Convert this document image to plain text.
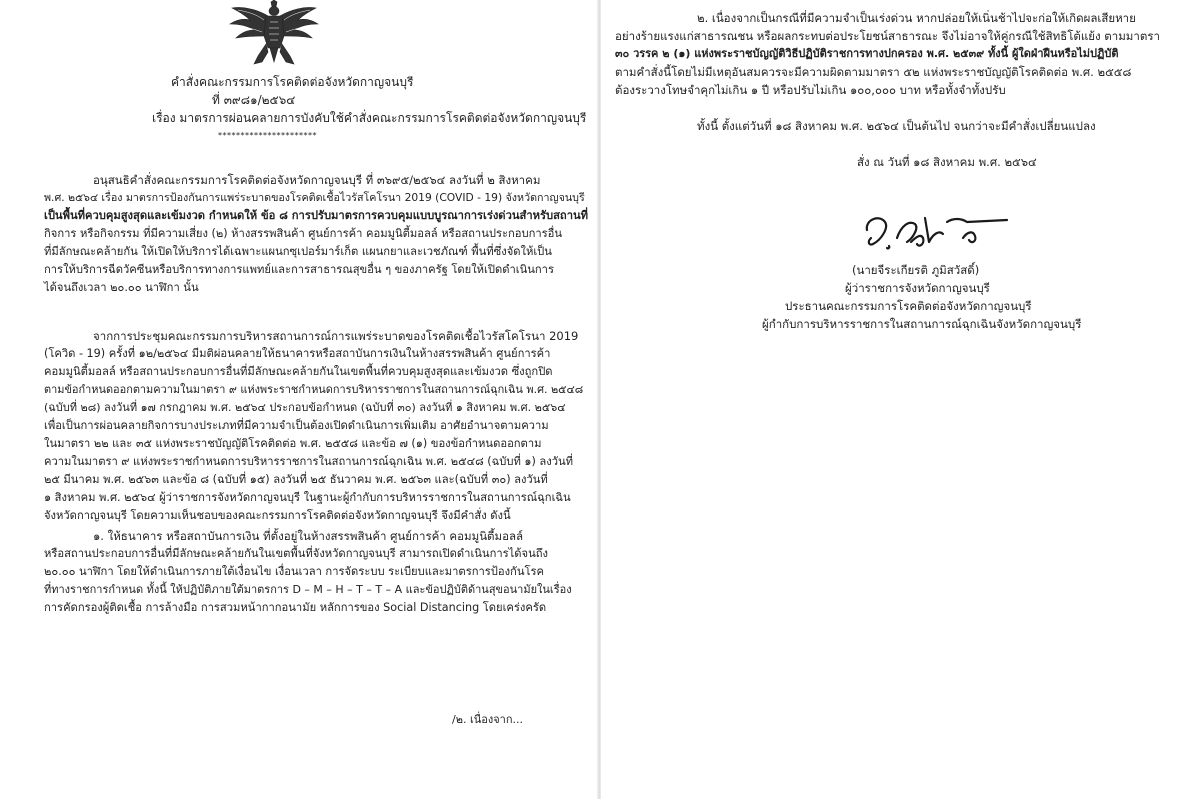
คำสั่งคณะกรรมการโรคติดต่อจังหวัดกาญจนบุรี
ที่ ๓๙๘๑/๒๕๖๔
เรื่อง มาตรการผ่อนคลายการบังคับใช้คำสั่งคณะกรรมการโรคติดต่อจังหวัดกาญจนบุรี
**********************
อนุสนธิคำสั่งคณะกรรมการโรคติดต่อจังหวัดกาญจนบุรี ที่ ๓๖๙๕/๒๕๖๔ ลงวันที่ ๒ สิงหาคม
พ.ศ. ๒๕๖๔ เรื่อง มาตรการป้องกันการแพร่ระบาดของโรคติดเชื้อไวรัสโคโรนา 2019 (COVID - 19) จังหวัดกาญจนบุรี
เป็นพื้นที่ควบคุมสูงสุดและเข้มงวด กำหนดให้ ข้อ ๘ การปรับมาตรการควบคุมแบบบูรณาการเร่งด่วนสำหรับสถานที่
กิจการ หรือกิจกรรม ที่มีความเสี่ยง (๒) ห้างสรรพสินค้า ศูนย์การค้า คอมมูนิตี้มอลล์ หรือสถานประกอบการอื่น
ที่มีลักษณะคล้ายกัน ให้เปิดให้บริการได้เฉพาะแผนกซุเปอร์มาร์เก็ต แผนกยาและเวชภัณฑ์ พื้นที่ซึ่งจัดให้เป็น
การให้บริการฉีดวัคซีนหรือบริการทางการแพทย์และการสาธารณสุขอื่น ๆ ของภาครัฐ โดยให้เปิดดำเนินการ
ได้จนถึงเวลา ๒๐.๐๐ นาฬิกา นั้น
จากการประชุมคณะกรรมการบริหารสถานการณ์การแพร่ระบาดของโรคติดเชื้อไวรัสโคโรนา 2019
(โควิด - 19) ครั้งที่ ๑๒/๒๕๖๔ มีมติผ่อนคลายให้ธนาคารหรือสถาบันการเงินในห้างสรรพสินค้า ศูนย์การค้า
คอมมูนิตี้มอลล์ หรือสถานประกอบการอื่นที่มีลักษณะคล้ายกันในเขตพื้นที่ควบคุมสูงสุดและเข้มงวด ซึ่งถูกปิด
ตามข้อกำหนดออกตามความในมาตรา ๙ แห่งพระราชกำหนดการบริหารราชการในสถานการณ์ฉุกเฉิน พ.ศ. ๒๕๔๘
(ฉบับที่ ๒๘) ลงวันที่ ๑๗ กรกฎาคม พ.ศ. ๒๕๖๔ ประกอบข้อกำหนด (ฉบับที่ ๓๐) ลงวันที่ ๑ สิงหาคม พ.ศ. ๒๕๖๔
เพื่อเป็นการผ่อนคลายกิจการบางประเภทที่มีความจำเป็นต้องเปิดดำเนินการเพิ่มเติม อาศัยอำนาจตามความ
ในมาตรา ๒๒ และ ๓๕ แห่งพระราชบัญญัติโรคติดต่อ พ.ศ. ๒๕๕๘ และข้อ ๗ (๑) ของข้อกำหนดออกตาม
ความในมาตรา ๙ แห่งพระราชกำหนดการบริหารราชการในสถานการณ์ฉุกเฉิน พ.ศ. ๒๕๔๘ (ฉบับที่ ๑) ลงวันที่
๒๕ มีนาคม พ.ศ. ๒๕๖๓ และข้อ ๘ (ฉบับที่ ๑๕) ลงวันที่ ๒๕ ธันวาคม พ.ศ. ๒๕๖๓ และ(ฉบับที่ ๓๐) ลงวันที่
๑ สิงหาคม พ.ศ. ๒๕๖๔ ผู้ว่าราชการจังหวัดกาญจนบุรี ในฐานะผู้กำกับการบริหารราชการในสถานการณ์ฉุกเฉิน
จังหวัดกาญจนบุรี โดยความเห็นชอบของคณะกรรมการโรคติดต่อจังหวัดกาญจนบุรี จึงมีคำสั่ง ดังนี้
๑. ให้ธนาคาร หรือสถาบันการเงิน ที่ตั้งอยู่ในห้างสรรพสินค้า ศูนย์การค้า คอมมูนิตี้มอลล์
หรือสถานประกอบการอื่นที่มีลักษณะคล้ายกันในเขตพื้นที่จังหวัดกาญจนบุรี สามารถเปิดดำเนินการได้จนถึง
๒๐.๐๐ นาฬิกา โดยให้ดำเนินการภายใต้เงื่อนไข เงื่อนเวลา การจัดระบบ ระเบียบและมาตรการป้องกันโรค
ที่ทางราชการกำหนด ทั้งนี้ ให้ปฏิบัติภายใต้มาตรการ D – M – H – T – T – A และข้อปฏิบัติด้านสุขอนามัยในเรื่อง
การคัดกรองผู้ติดเชื้อ การล้างมือ การสวมหน้ากากอนามัย หลักการของ Social Distancing โดยเคร่งครัด
/๒. เนื่องจาก...
๒. เนื่องจากเป็นกรณีที่มีความจำเป็นเร่งด่วน หากปล่อยให้เนิ่นช้าไปจะก่อให้เกิดผลเสียหาย
อย่างร้ายแรงแก่สาธารณชน หรือผลกระทบต่อประโยชน์สาธารณะ จึงไม่อาจให้คู่กรณีใช้สิทธิโต้แย้ง ตามมาตรา
๓๐ วรรค ๒ (๑) แห่งพระราชบัญญัติวิธีปฏิบัติราชการทางปกครอง พ.ศ. ๒๕๓๙ ทั้งนี้ ผู้ใดฝ่าฝืนหรือไม่ปฏิบัติ
ตามคำสั่งนี้โดยไม่มีเหตุอันสมควรจะมีความผิดตามมาตรา ๕๒ แห่งพระราชบัญญัติโรคติดต่อ พ.ศ. ๒๕๕๘
ต้องระวางโทษจำคุกไม่เกิน ๑ ปี หรือปรับไม่เกิน ๑๐๐,๐๐๐ บาท หรือทั้งจำทั้งปรับ
ทั้งนี้ ตั้งแต่วันที่ ๑๘ สิงหาคม พ.ศ. ๒๕๖๔ เป็นต้นไป จนกว่าจะมีคำสั่งเปลี่ยนแปลง
สั่ง ณ วันที่ ๑๘ สิงหาคม พ.ศ. ๒๕๖๔
(นายจีระเกียรติ ภูมิสวัสดิ์)
ผู้ว่าราชการจังหวัดกาญจนบุรี
ประธานคณะกรรมการโรคติดต่อจังหวัดกาญจนบุรี
ผู้กำกับการบริหารราชการในสถานการณ์ฉุกเฉินจังหวัดกาญจนบุรี
